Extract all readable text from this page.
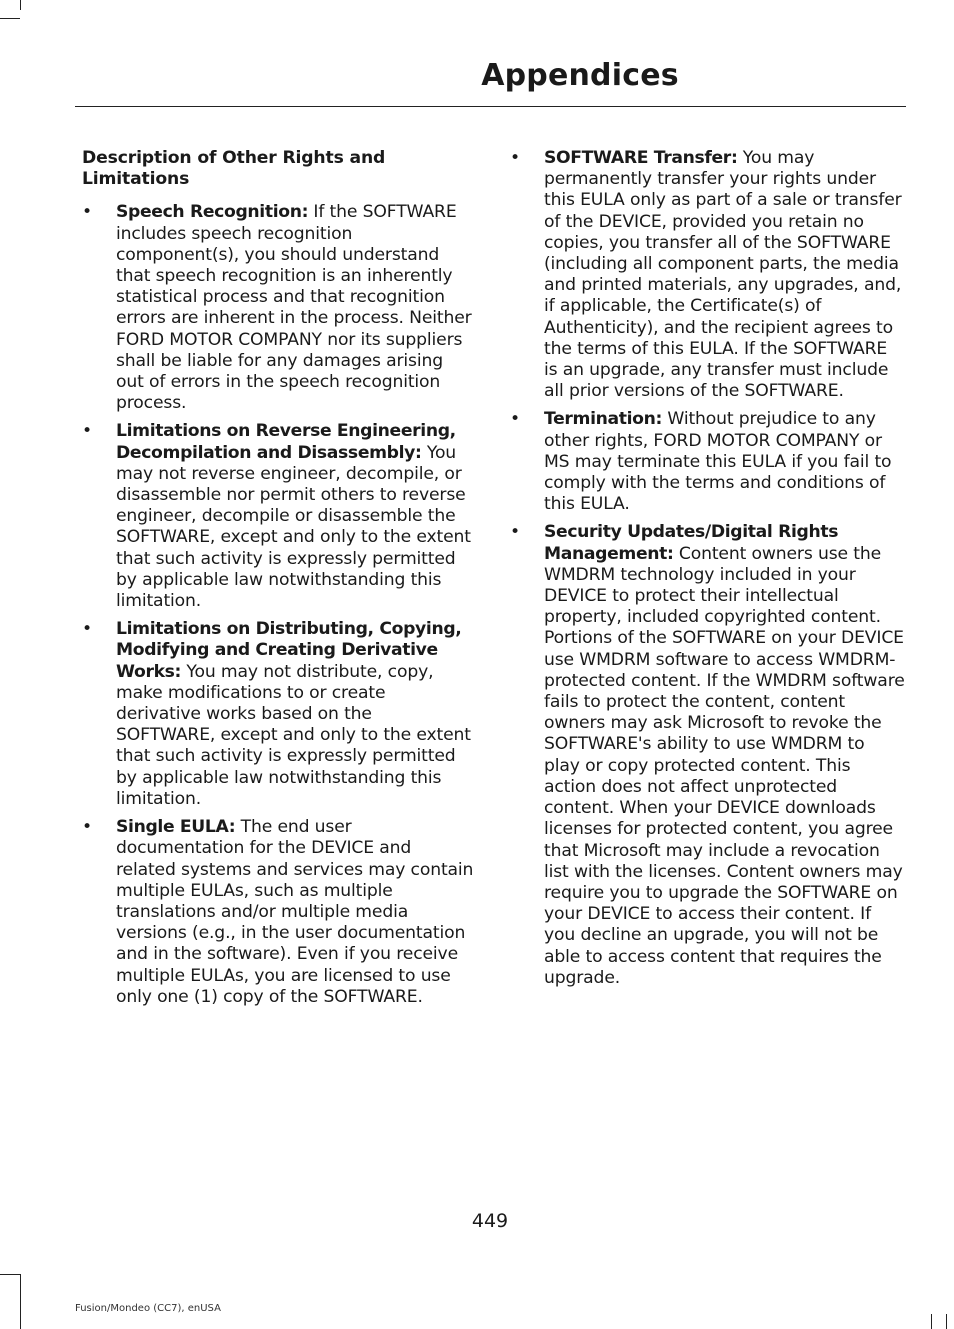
Appendices

Description of Other Rights and Limitations

• Speech Recognition: If the SOFTWARE includes speech recognition component(s), you should understand that speech recognition is an inherently statistical process and that recognition errors are inherent in the process. Neither FORD MOTOR COMPANY nor its suppliers shall be liable for any damages arising out of errors in the speech recognition process.
• Limitations on Reverse Engineering, Decompilation and Disassembly: You may not reverse engineer, decompile, or disassemble nor permit others to reverse engineer, decompile or disassemble the SOFTWARE, except and only to the extent that such activity is expressly permitted by applicable law notwithstanding this limitation.
• Limitations on Distributing, Copying, Modifying and Creating Derivative Works: You may not distribute, copy, make modifications to or create derivative works based on the SOFTWARE, except and only to the extent that such activity is expressly permitted by applicable law notwithstanding this limitation.
• Single EULA: The end user documentation for the DEVICE and related systems and services may contain multiple EULAs, such as multiple translations and/or multiple media versions (e.g., in the user documentation and in the software). Even if you receive multiple EULAs, you are licensed to use only one (1) copy of the SOFTWARE.
• SOFTWARE Transfer: You may permanently transfer your rights under this EULA only as part of a sale or transfer of the DEVICE, provided you retain no copies, you transfer all of the SOFTWARE (including all component parts, the media and printed materials, any upgrades, and, if applicable, the Certificate(s) of Authenticity), and the recipient agrees to the terms of this EULA. If the SOFTWARE is an upgrade, any transfer must include all prior versions of the SOFTWARE.
• Termination: Without prejudice to any other rights, FORD MOTOR COMPANY or MS may terminate this EULA if you fail to comply with the terms and conditions of this EULA.
• Security Updates/Digital Rights Management: Content owners use the WMDRM technology included in your DEVICE to protect their intellectual property, included copyrighted content. Portions of the SOFTWARE on your DEVICE use WMDRM software to access WMDRM-protected content. If the WMDRM software fails to protect the content, content owners may ask Microsoft to revoke the SOFTWARE's ability to use WMDRM to play or copy protected content. This action does not affect unprotected content. When your DEVICE downloads licenses for protected content, you agree that Microsoft may include a revocation list with the licenses. Content owners may require you to upgrade the SOFTWARE on your DEVICE to access their content. If you decline an upgrade, you will not be able to access content that requires the upgrade.
449
Fusion/Mondeo (CC7), enUSA
